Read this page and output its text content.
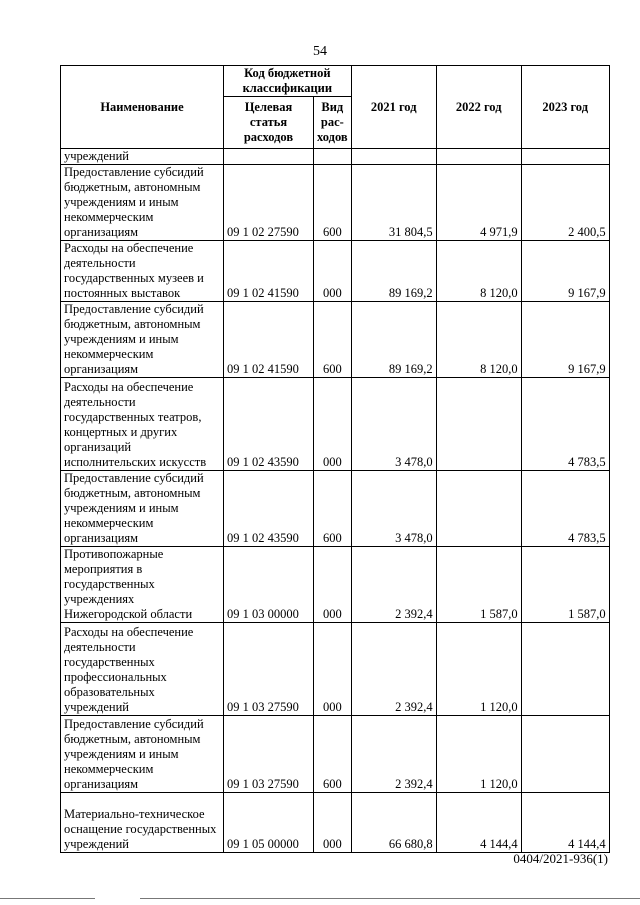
54
Наименование	Код бюджетной классификации		2021 год	2022 год	2023 год
	Целевая статья расходов	Вид рас-ходов			
учреждений					
Предоставление субсидий бюджетным, автономным учреждениям и иным некоммерческим организациям	09 1 02 27590	600	31 804,5	4 971,9	2 400,5
Расходы на обеспечение деятельности государственных музеев и постоянных выставок	09 1 02 41590	000	89 169,2	8 120,0	9 167,9
Предоставление субсидий бюджетным, автономным учреждениям и иным некоммерческим организациям	09 1 02 41590	600	89 169,2	8 120,0	9 167,9
Расходы на обеспечение деятельности государственных театров, концертных и других организаций исполнительских искусств	09 1 02 43590	000	3 478,0		4 783,5
Предоставление субсидий бюджетным, автономным учреждениям и иным некоммерческим организациям	09 1 02 43590	600	3 478,0		4 783,5
Противопожарные мероприятия в государственных учреждениях Нижегородской области	09 1 03 00000	000	2 392,4	1 587,0	1 587,0
Расходы на обеспечение деятельности государственных профессиональных образовательных учреждений	09 1 03 27590	000	2 392,4	1 120,0	
Предоставление субсидий бюджетным, автономным учреждениям и иным некоммерческим организациям	09 1 03 27590	600	2 392,4	1 120,0	
Материально-техническое оснащение государственных учреждений	09 1 05 00000	000	66 680,8	4 144,4	4 144,4
0404/2021-936(1)
